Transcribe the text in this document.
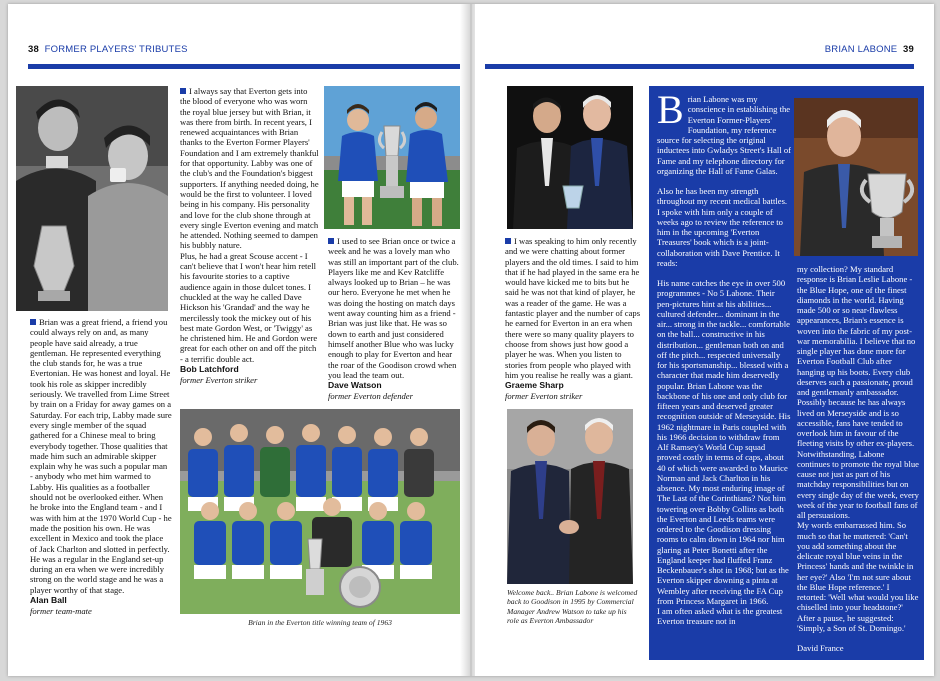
38 FORMER PLAYERS' TRIBUTES

Brian was a great friend, a friend you could always rely on and, as many people have said already, a true gentleman. He represented everything the club stands for, he was a true Evertonian. He was honest and loyal. He took his role as skipper incredibly seriously. We travelled from Lime Street by train on a Friday for away games on a Saturday. For each trip, Labby made sure every single member of the squad gathered for a Chinese meal to bring everybody together. Those qualities that made him such an admirable skipper explain why he was such a popular man - anybody who met him warmed to Labby. His qualities as a footballer should not be overlooked either. When he broke into the England team - and I was with him at the 1970 World Cup - he made the position his own. He was excellent in Mexico and took the place of Jack Charlton and slotted in perfectly. He was a regular in the England set-up during an era when we were incredibly strong on the world stage and he was a player worthy of that stage.

Alan Ball
former team-mate

I always say that Everton gets into the blood of everyone who was worn the royal blue jersey but with Brian, it was there from birth. In recent years, I renewed acquaintances with Brian thanks to the Everton Former Players' Foundation and I am extremely thankful for that opportunity. Labby was one of the club's and the Foundation's biggest supporters. If anything needed doing, he would be the first to volunteer. I loved being in his company. His personality and love for the club shone through at every single Everton evening and match he attended. Nothing seemed to dampen his bubbly nature.

Plus, he had a great Scouse accent - I can't believe that I won't hear him retell his favourite stories to a captive audience again in those dulcet tones. I chuckled at the way he called Dave Hickson his 'Grandad' and the way he mercilessly took the mickey out of his best mate Gordon West, or 'Twiggy' as he christened him. He and Gordon were great for each other on and off the pitch - a terrific double act.

Bob Latchford
former Everton striker

I used to see Brian once or twice a week and he was a lovely man who was still an important part of the club. Players like me and Kev Ratcliffe always looked up to Brian – he was our hero. Everyone he met when he was doing the hosting on match days went away counting him as a friend - Brian was just like that. He was so down to earth and just considered himself another Blue who was lucky enough to play for Everton and hear the roar of the Goodison crowd when you lead the team out.

Dave Watson
former Everton defender
Brian in the Everton title winning team of 1963
BRIAN LABONE 39

I was speaking to him only recently and we were chatting about former players and the old times. I said to him that if he had played in the same era he would have kicked me to bits but he said he was not that kind of player, he was a reader of the game. He was a fantastic player and the number of caps he earned for Everton in an era when there were so many quality players to choose from shows just how good a player he was. When you listen to stories from people who played with him you realise he really was a giant.

Graeme Sharp
former Everton striker
Welcome back.. Brian Labone is welcomed back to Goodison in 1995 by Commercial Manager Andrew Watson to take up his role as Everton Ambassador

Brian Labone was my conscience in establishing the Everton Former-Players' Foundation, my reference source for selecting the original inductees into Gwladys Street's Hall of Fame and my telephone directory for organizing the Hall of Fame Galas.

Also he has been my strength throughout my recent medical battles. I spoke with him only a couple of weeks ago to review the reference to him in the upcoming 'Everton Treasures' book which is a joint-collaboration with Dave Prentice. It reads:

His name catches the eye in over 500 programmes - No 5 Labone. Their pen-pictures hint at his abilities... cultured defender... dominant in the air... strong in the tackle... comfortable on the ball... constructive in his distribution... gentleman both on and off the pitch... respected universally for his sportsmanship... blessed with a character that made him deservedly popular. Brian Labone was the backbone of his one and only club for fifteen years and deserved greater recognition outside of Merseyside. His 1962 nightmare in Paris coupled with his 1966 decision to withdraw from Alf Ramsey's World Cup squad proved costly in terms of caps, about 40 of which were awarded to Maurice Norman and Jack Charlton in his absence. My most enduring image of The Last of the Corinthians? Not him towering over Bobby Collins as both the Everton and Leeds teams were ordered to the Goodison dressing rooms to calm down in 1964 nor him glaring at Peter Bonetti after the England keeper had fluffed Franz Beckenbauer's shot in 1968; but as the Everton skipper downing a pinta at Wembley after receiving the FA Cup from Princess Margaret in 1966.

I am often asked what is the greatest Everton treasure not in

my collection? My standard response is Brian Leslie Labone - the Blue Hope, one of the finest diamonds in the world. Having made 500 or so near-flawless appearances, Brian's essence is woven into the fabric of my post-war memorabilia. I believe that no single player has done more for Everton Football Club after hanging up his boots. Every club deserves such a passionate, proud and gentlemanly ambassador. Possibly because he has always lived on Merseyside and is so accessible, fans have tended to overlook him in favour of the fleeting visits by other ex-players. Notwithstanding, Labone continues to promote the royal blue cause not just as part of his matchday responsibilities but on every single day of the week, every week of the year to football fans of all persuasions.

My words embarrassed him. So much so that he muttered: 'Can't you add something about the delicate royal blue veins in the Princess' hands and the twinkle in her eye?' Also 'I'm not sure about the Blue Hope reference.' I retorted: 'Well what would you like chiselled into your headstone?' After a pause, he suggested: 'Simply, a Son of St. Domingo.'

David France
